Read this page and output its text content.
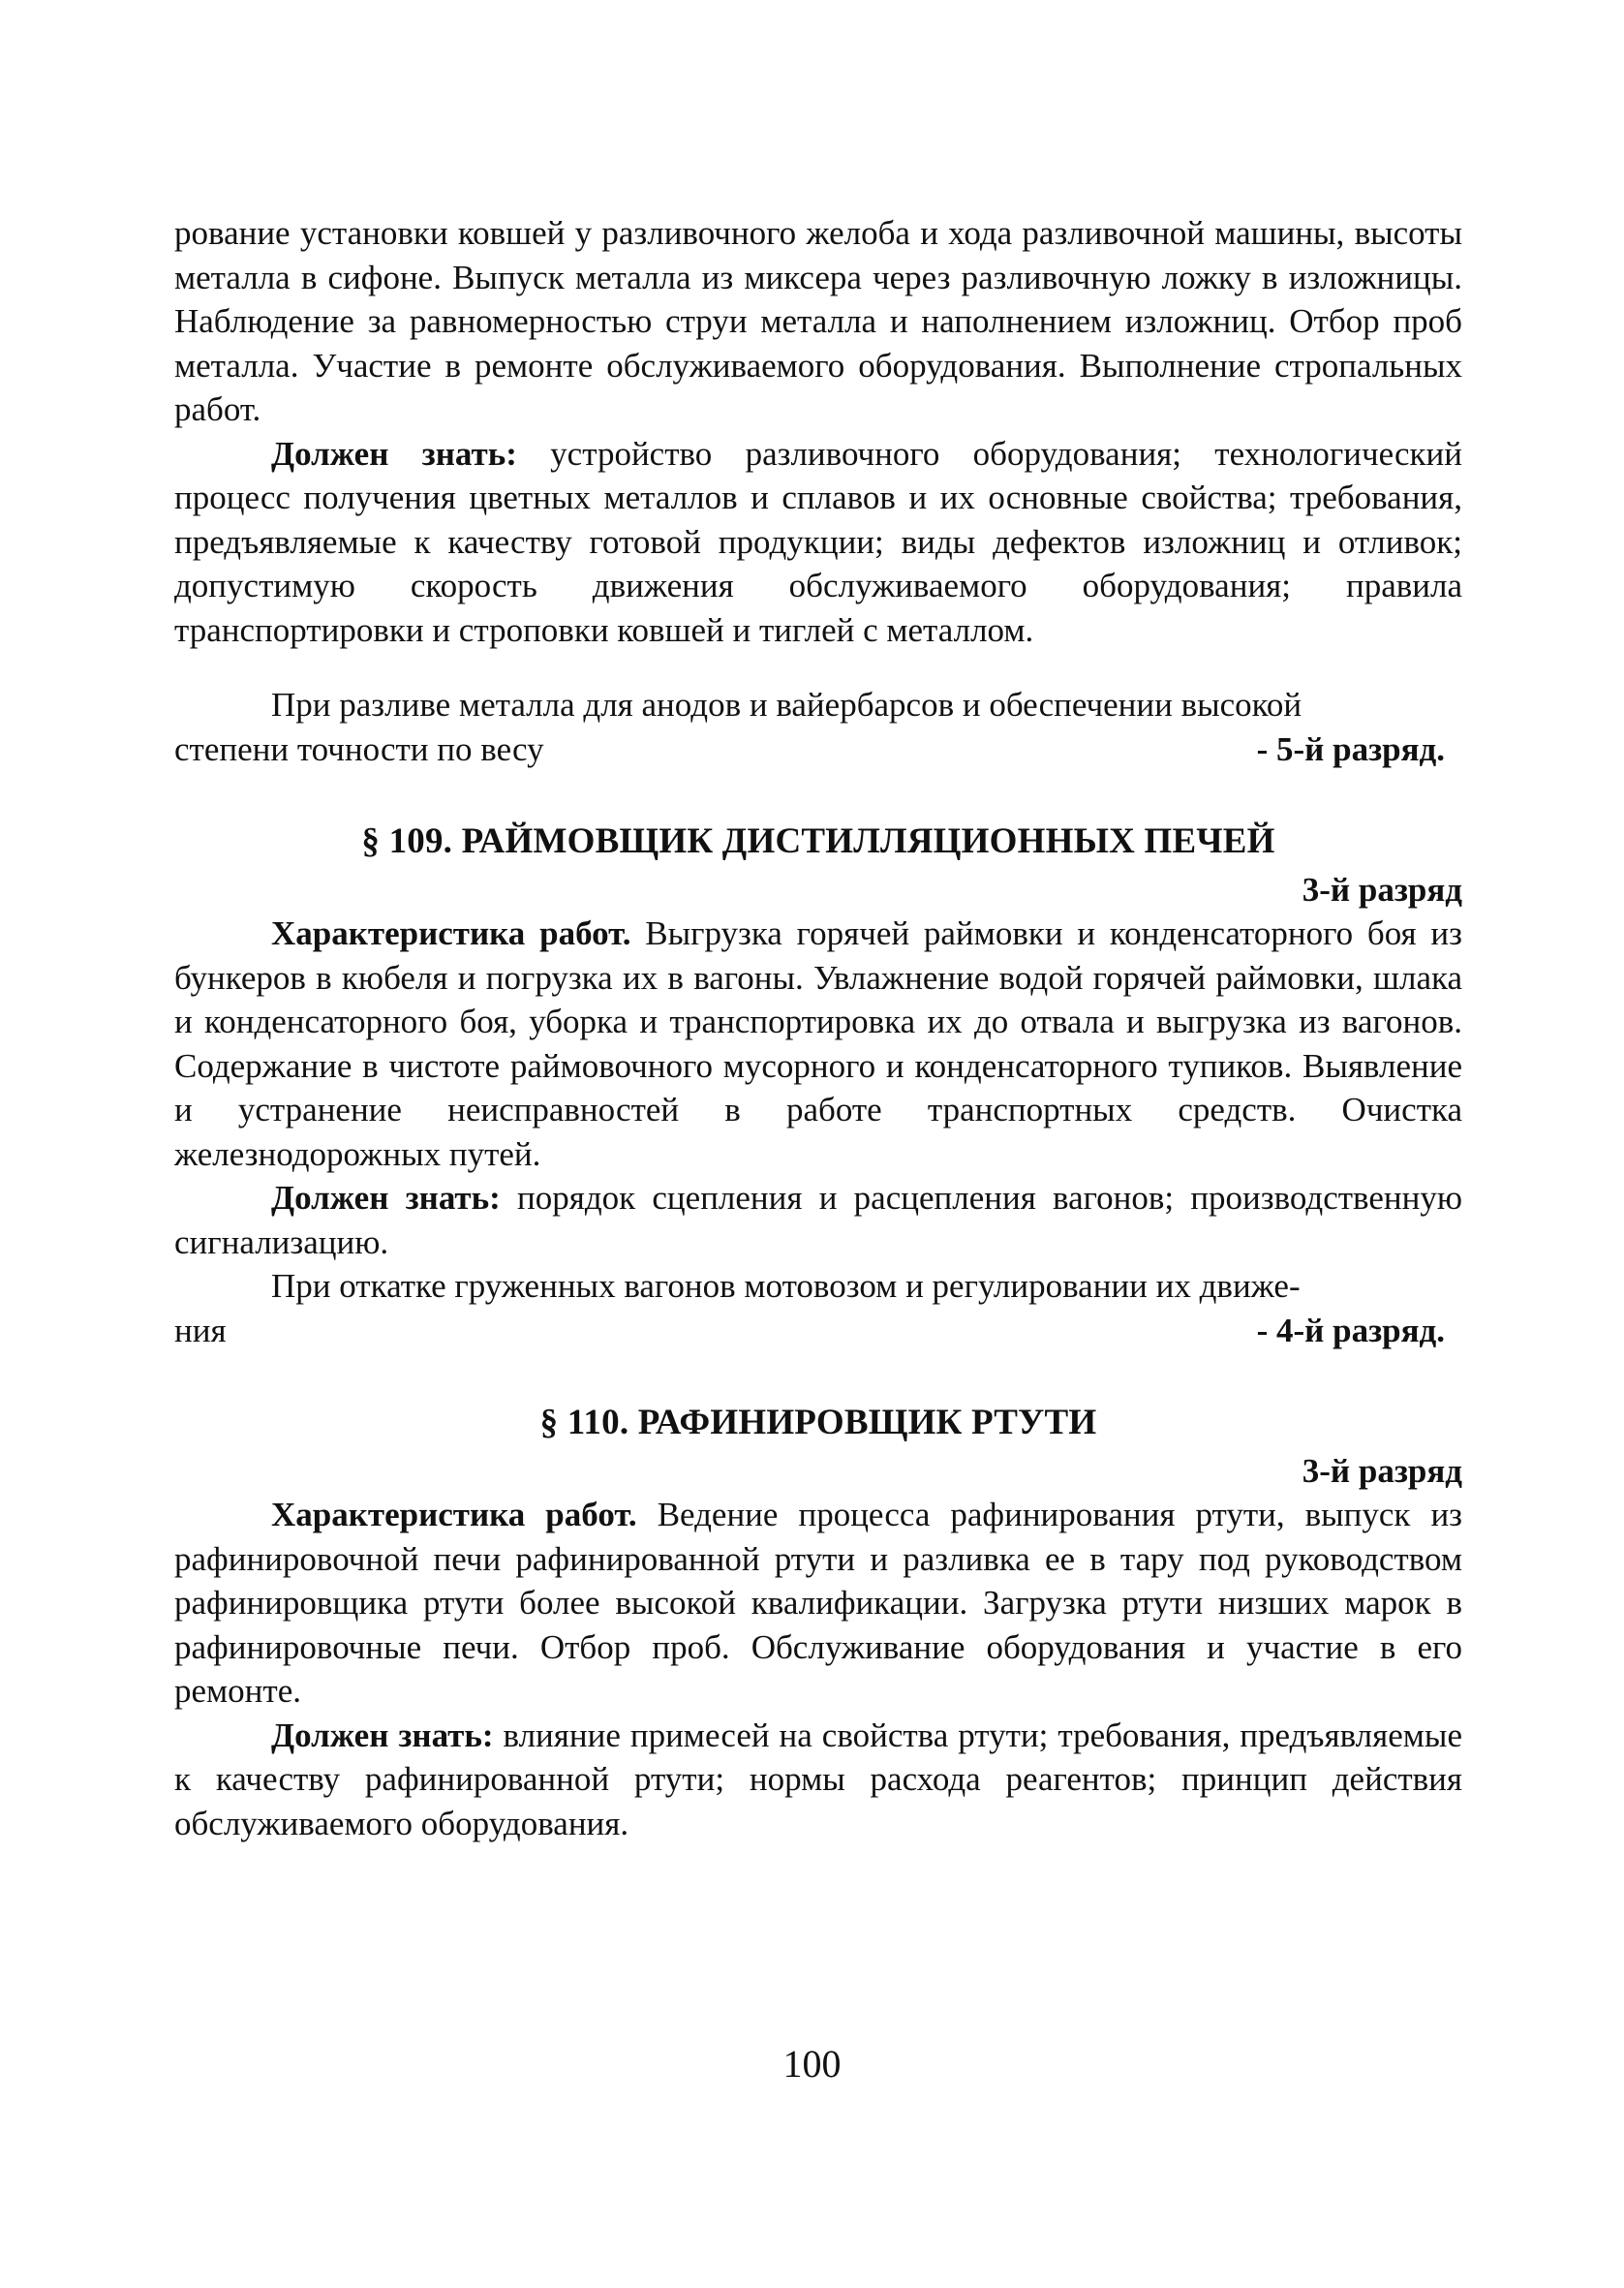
рование установки ковшей у разливочного желоба и хода разливочной машины, высоты металла в сифоне. Выпуск металла из миксера через разливочную ложку в изложницы. Наблюдение за равномерностью струи металла и наполнением изложниц. Отбор проб металла. Участие в ремонте обслуживаемого оборудования. Выполнение стропальных работ.

Должен знать: устройство разливочного оборудования; технологический процесс получения цветных металлов и сплавов и их основные свойства; требования, предъявляемые к качеству готовой продукции; виды дефектов изложниц и отливок; допустимую скорость движения обслуживаемого оборудования; правила транспортировки и строповки ковшей и тиглей с металлом.

При разливе металла для анодов и вайербарсов и обеспечении высокой

степени точности по весу	- 5-й разряд.
§ 109. РАЙМОВЩИК ДИСТИЛЛЯЦИОННЫХ ПЕЧЕЙ

3-й разряд

Характеристика работ. Выгрузка горячей раймовки и конденсаторного боя из бункеров в кюбеля и погрузка их в вагоны. Увлажнение водой горячей раймовки, шлака и конденсаторного боя, уборка и транспортировка их до отвала и выгрузка из вагонов. Содержание в чистоте раймовочного мусорного и конденсаторного тупиков. Выявление и устранение неисправностей в работе транспортных средств. Очистка железнодорожных путей.

Должен знать: порядок сцепления и расцепления вагонов; производственную сигнализацию.

При откатке груженных вагонов мотовозом и регулировании их движе-

ния	- 4-й разряд.
§ 110. РАФИНИРОВЩИК РТУТИ

3-й разряд

Характеристика работ. Ведение процесса рафинирования ртути, выпуск из рафинировочной печи рафинированной ртути и разливка ее в тару под руководством рафинировщика ртути более высокой квалификации. Загрузка ртути низших марок в рафинировочные печи. Отбор проб. Обслуживание оборудования и участие в его ремонте.

Должен знать: влияние примесей на свойства ртути; требования, предъявляемые к качеству рафинированной ртути; нормы расхода реагентов; принцип действия обслуживаемого оборудования.

100
